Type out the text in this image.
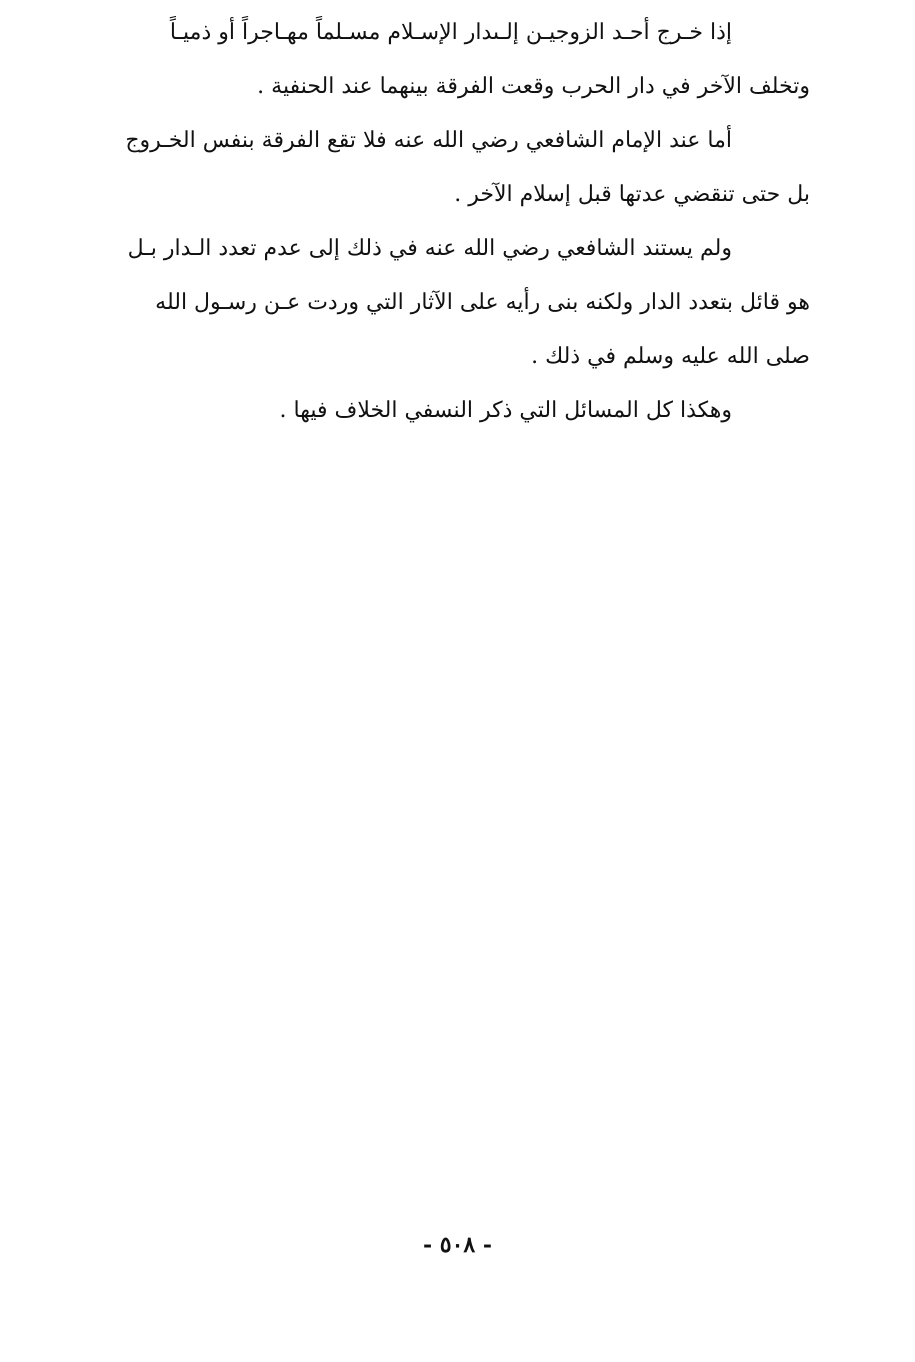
إذا خـرج أحـد الزوجيـن إلـىدار الإسـلام مسـلماً مهـاجراً أو ذميـاً
وتخلف الآخر في دار الحرب وقعت الفرقة بينهما عند الحنفية .
أما عند الإمام الشافعي رضي الله عنه فلا تقع الفرقة بنفس الخـروج
بل حتى تنقضي عدتها قبل إسلام الآخر .
ولم يستند الشافعي رضي الله عنه في ذلك إلى عدم تعدد الـدار بـل
هو قائل بتعدد الدار ولكنه بنى رأيه على الآثار التي وردت عـن رسـول الله
صلى الله عليه وسلم في ذلك .
وهكذا كل المسائل التي ذكر النسفي الخلاف فيها .
- ٥٠٨ -
